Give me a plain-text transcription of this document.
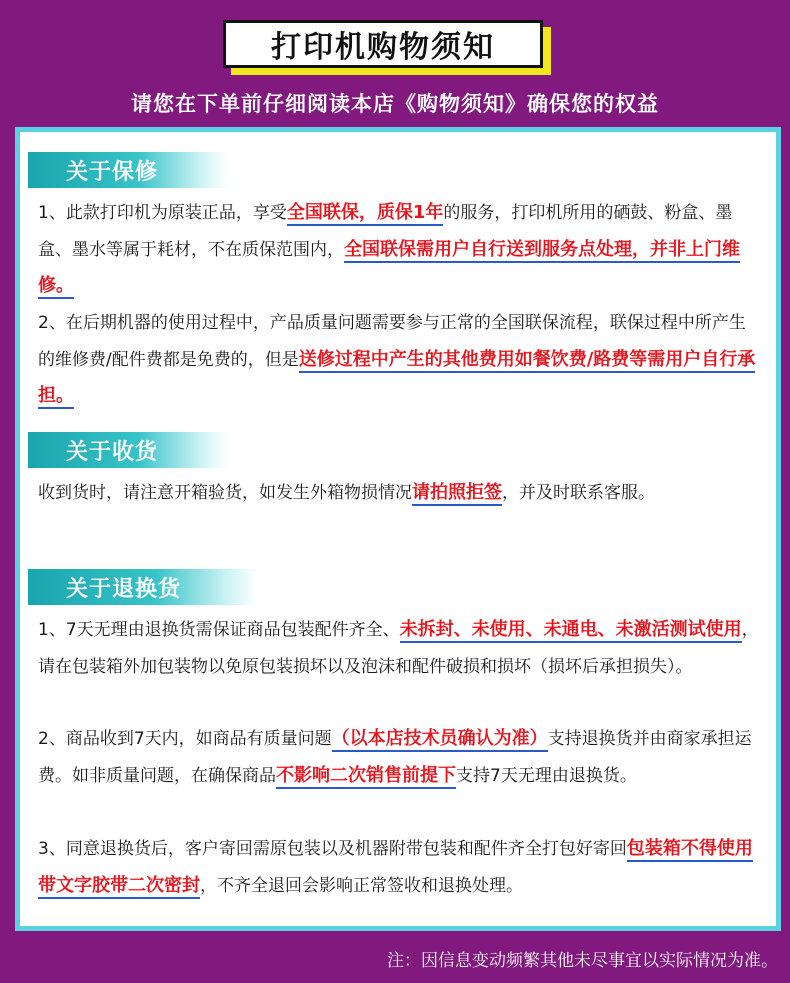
打印机购物须知
请您在下单前仔细阅读本店《购物须知》确保您的权益
关于保修
1、此款打印机为原装正品，享受全国联保，质保1年的服务，打印机所用的硒鼓、粉盒、墨盒、墨水等属于耗材，不在质保范围内，全国联保需用户自行送到服务点处理，并非上门维修。
2、在后期机器的使用过程中，产品质量问题需要参与正常的全国联保流程，联保过程中所产生的维修费/配件费都是免费的，但是送修过程中产生的其他费用如餐饮费/路费等需用户自行承担。
关于收货
收到货时，请注意开箱验货，如发生外箱物损情况请拍照拒签，并及时联系客服。
关于退换货
1、7天无理由退换货需保证商品包装配件齐全、未拆封、未使用、未通电、未激活测试使用，请在包装箱外加包装物以免原包装损坏以及泡沫和配件破损和损坏（损坏后承担损失）。
2、商品收到7天内，如商品有质量问题（以本店技术员确认为准）支持退换货并由商家承担运费。如非质量问题，在确保商品不影响二次销售前提下支持7天无理由退换货。
3、同意退换货后，客户寄回需原包装以及机器附带包装和配件齐全打包好寄回包装箱不得使用带文字胶带二次密封，不齐全退回会影响正常签收和退换处理。
注：因信息变动频繁其他未尽事宜以实际情况为准。
